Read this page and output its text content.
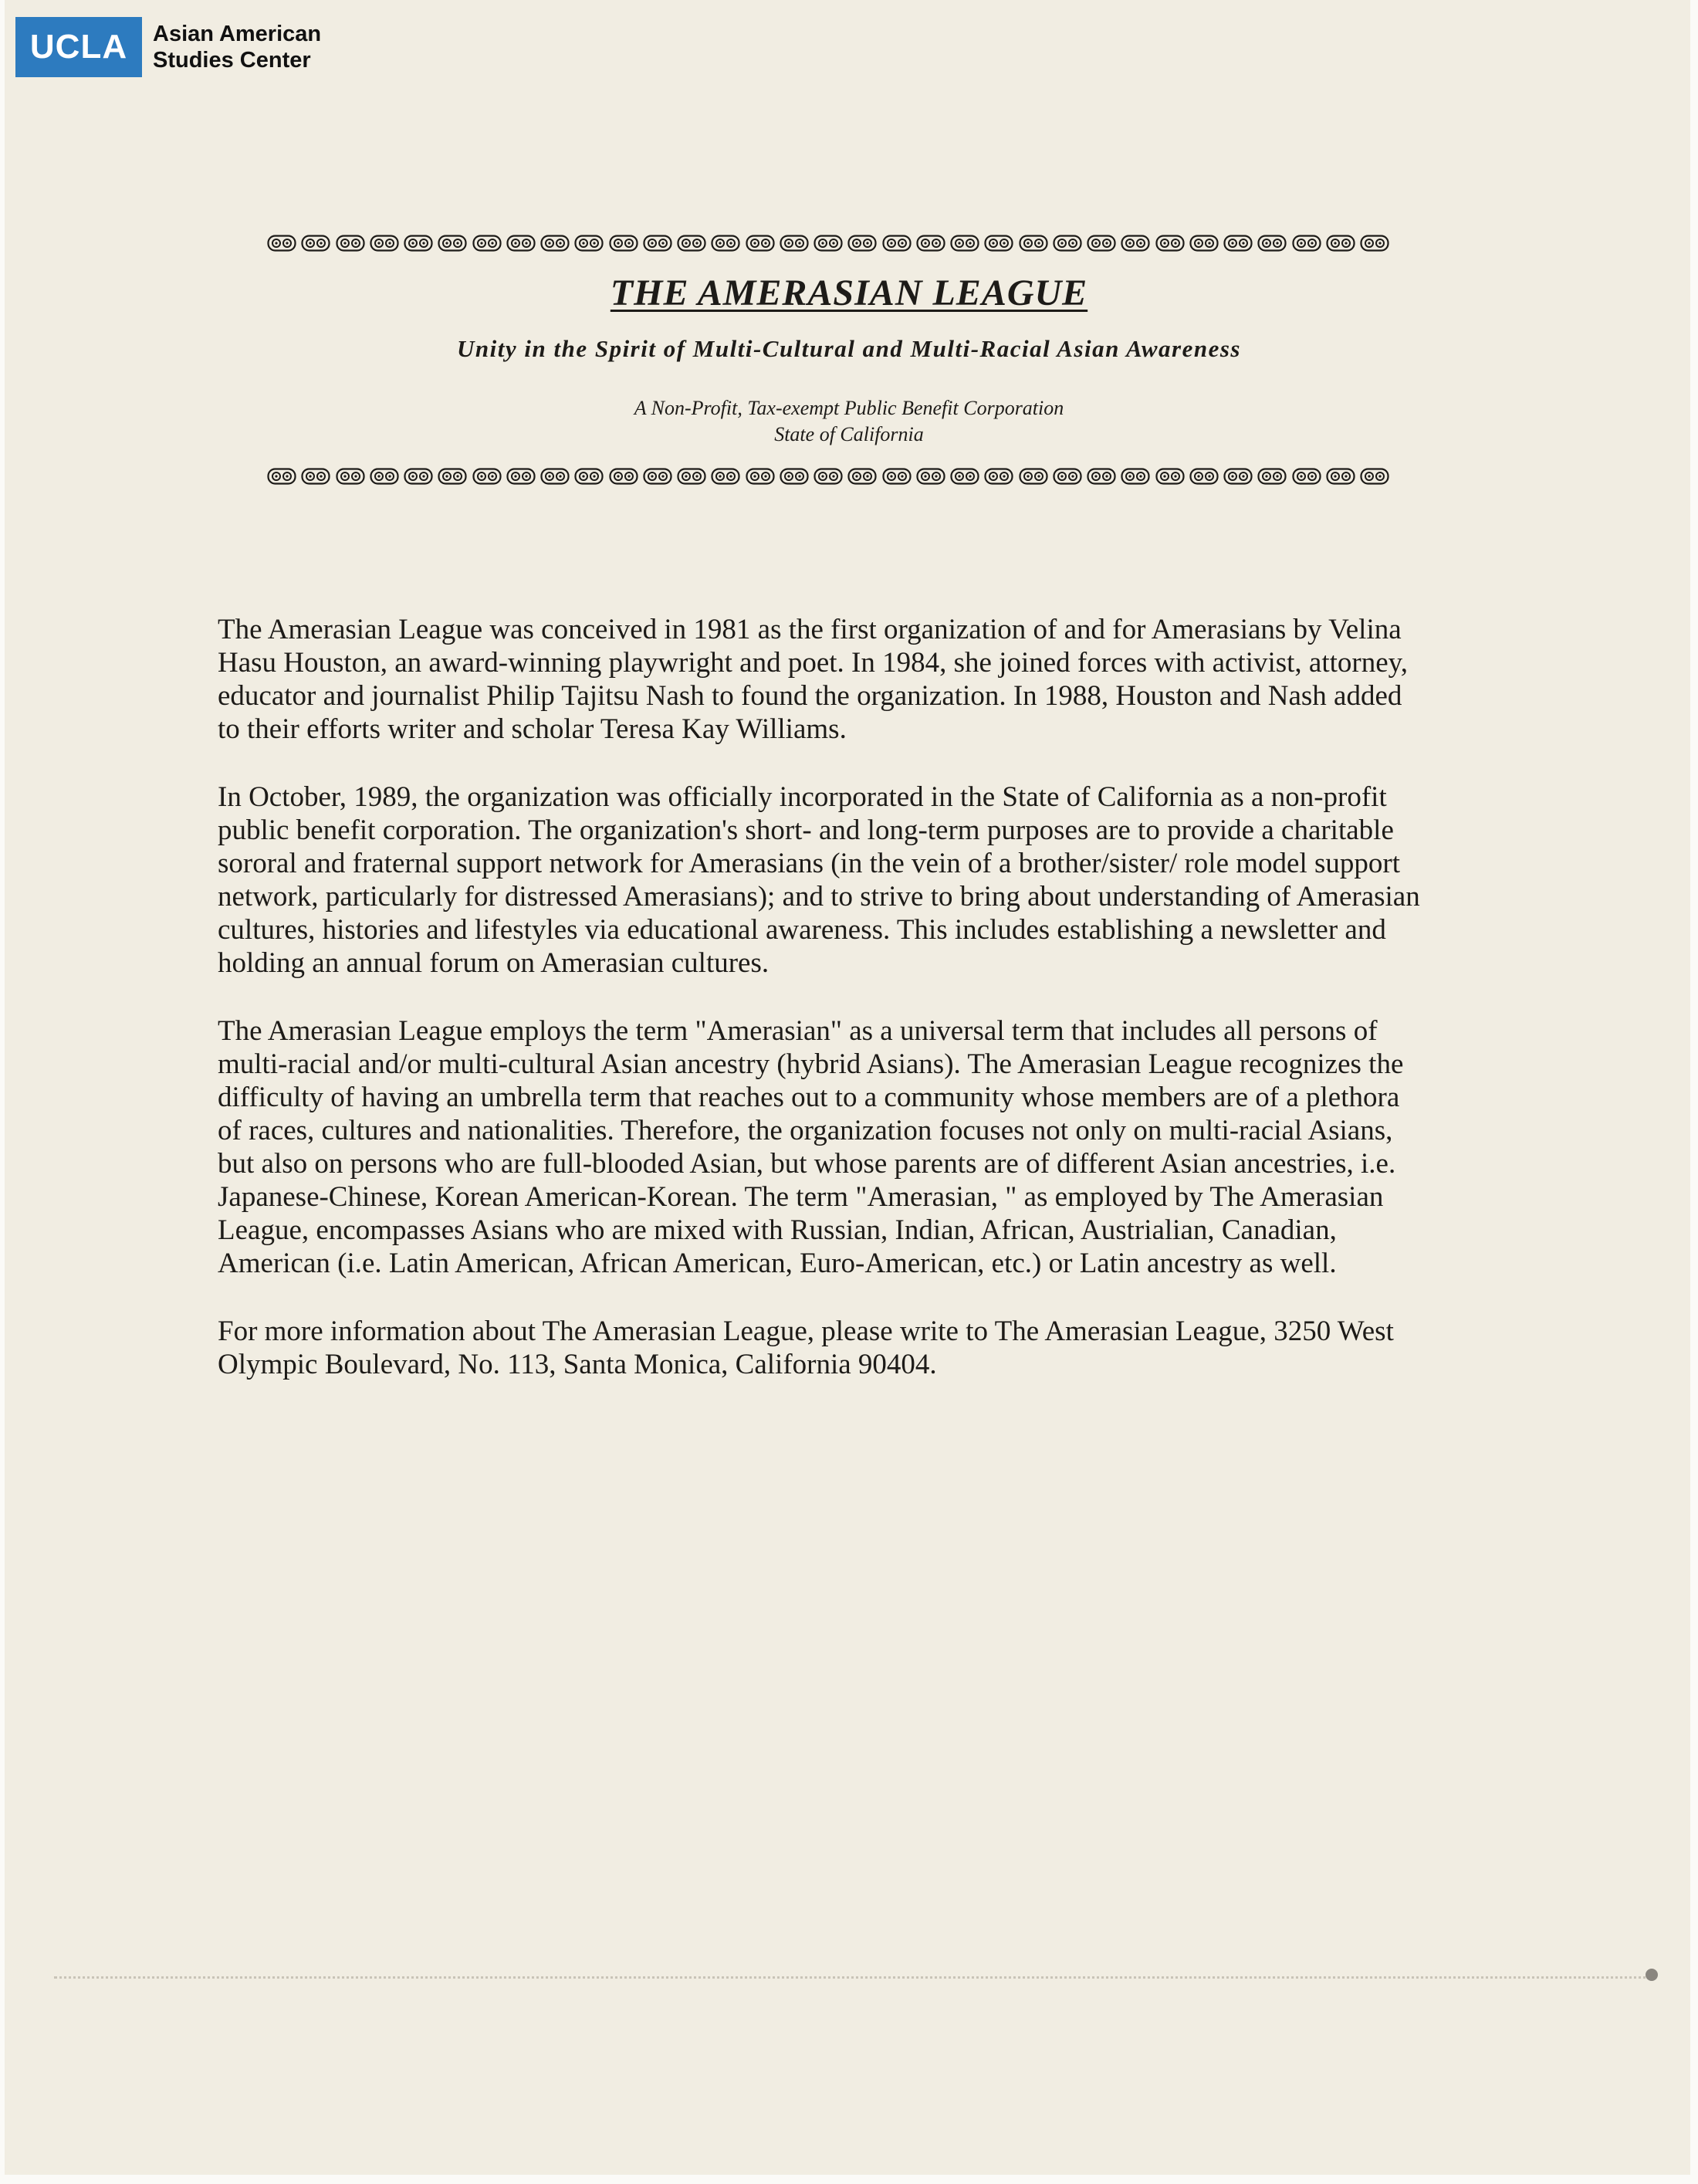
UCLA	Asian American
Studies Center
THE AMERASIAN LEAGUE
Unity in the Spirit of Multi-Cultural and Multi-Racial Asian Awareness
A Non-Profit, Tax-exempt Public Benefit Corporation
State of California

The Amerasian League was conceived in 1981 as the first organization of and for Amerasians by Velina Hasu Houston, an award-winning playwright and poet. In 1984, she joined forces with activist, attorney, educator and journalist Philip Tajitsu Nash to found the organization. In 1988, Houston and Nash added to their efforts writer and scholar Teresa Kay Williams.

In October, 1989, the organization was officially incorporated in the State of California as a non-profit public benefit corporation. The organization's short- and long-term purposes are to provide a charitable sororal and fraternal support network for Amerasians (in the vein of a brother/sister/ role model support network, particularly for distressed Amerasians); and to strive to bring about understanding of Amerasian cultures, histories and lifestyles via educational awareness. This includes establishing a newsletter and holding an annual forum on Amerasian cultures.

The Amerasian League employs the term "Amerasian" as a universal term that includes all persons of multi-racial and/or multi-cultural Asian ancestry (hybrid Asians). The Amerasian League recognizes the difficulty of having an umbrella term that reaches out to a community whose members are of a plethora of races, cultures and nationalities. Therefore, the organization focuses not only on multi-racial Asians, but also on persons who are full-blooded Asian, but whose parents are of different Asian ancestries, i.e. Japanese-Chinese, Korean American-Korean. The term "Amerasian, " as employed by The Amerasian League, encompasses Asians who are mixed with Russian, Indian, African, Austrialian, Canadian, American (i.e. Latin American, African American, Euro-American, etc.) or Latin ancestry as well.

For more information about The Amerasian League, please write to The Amerasian League, 3250 West Olympic Boulevard, No. 113, Santa Monica, California 90404.
